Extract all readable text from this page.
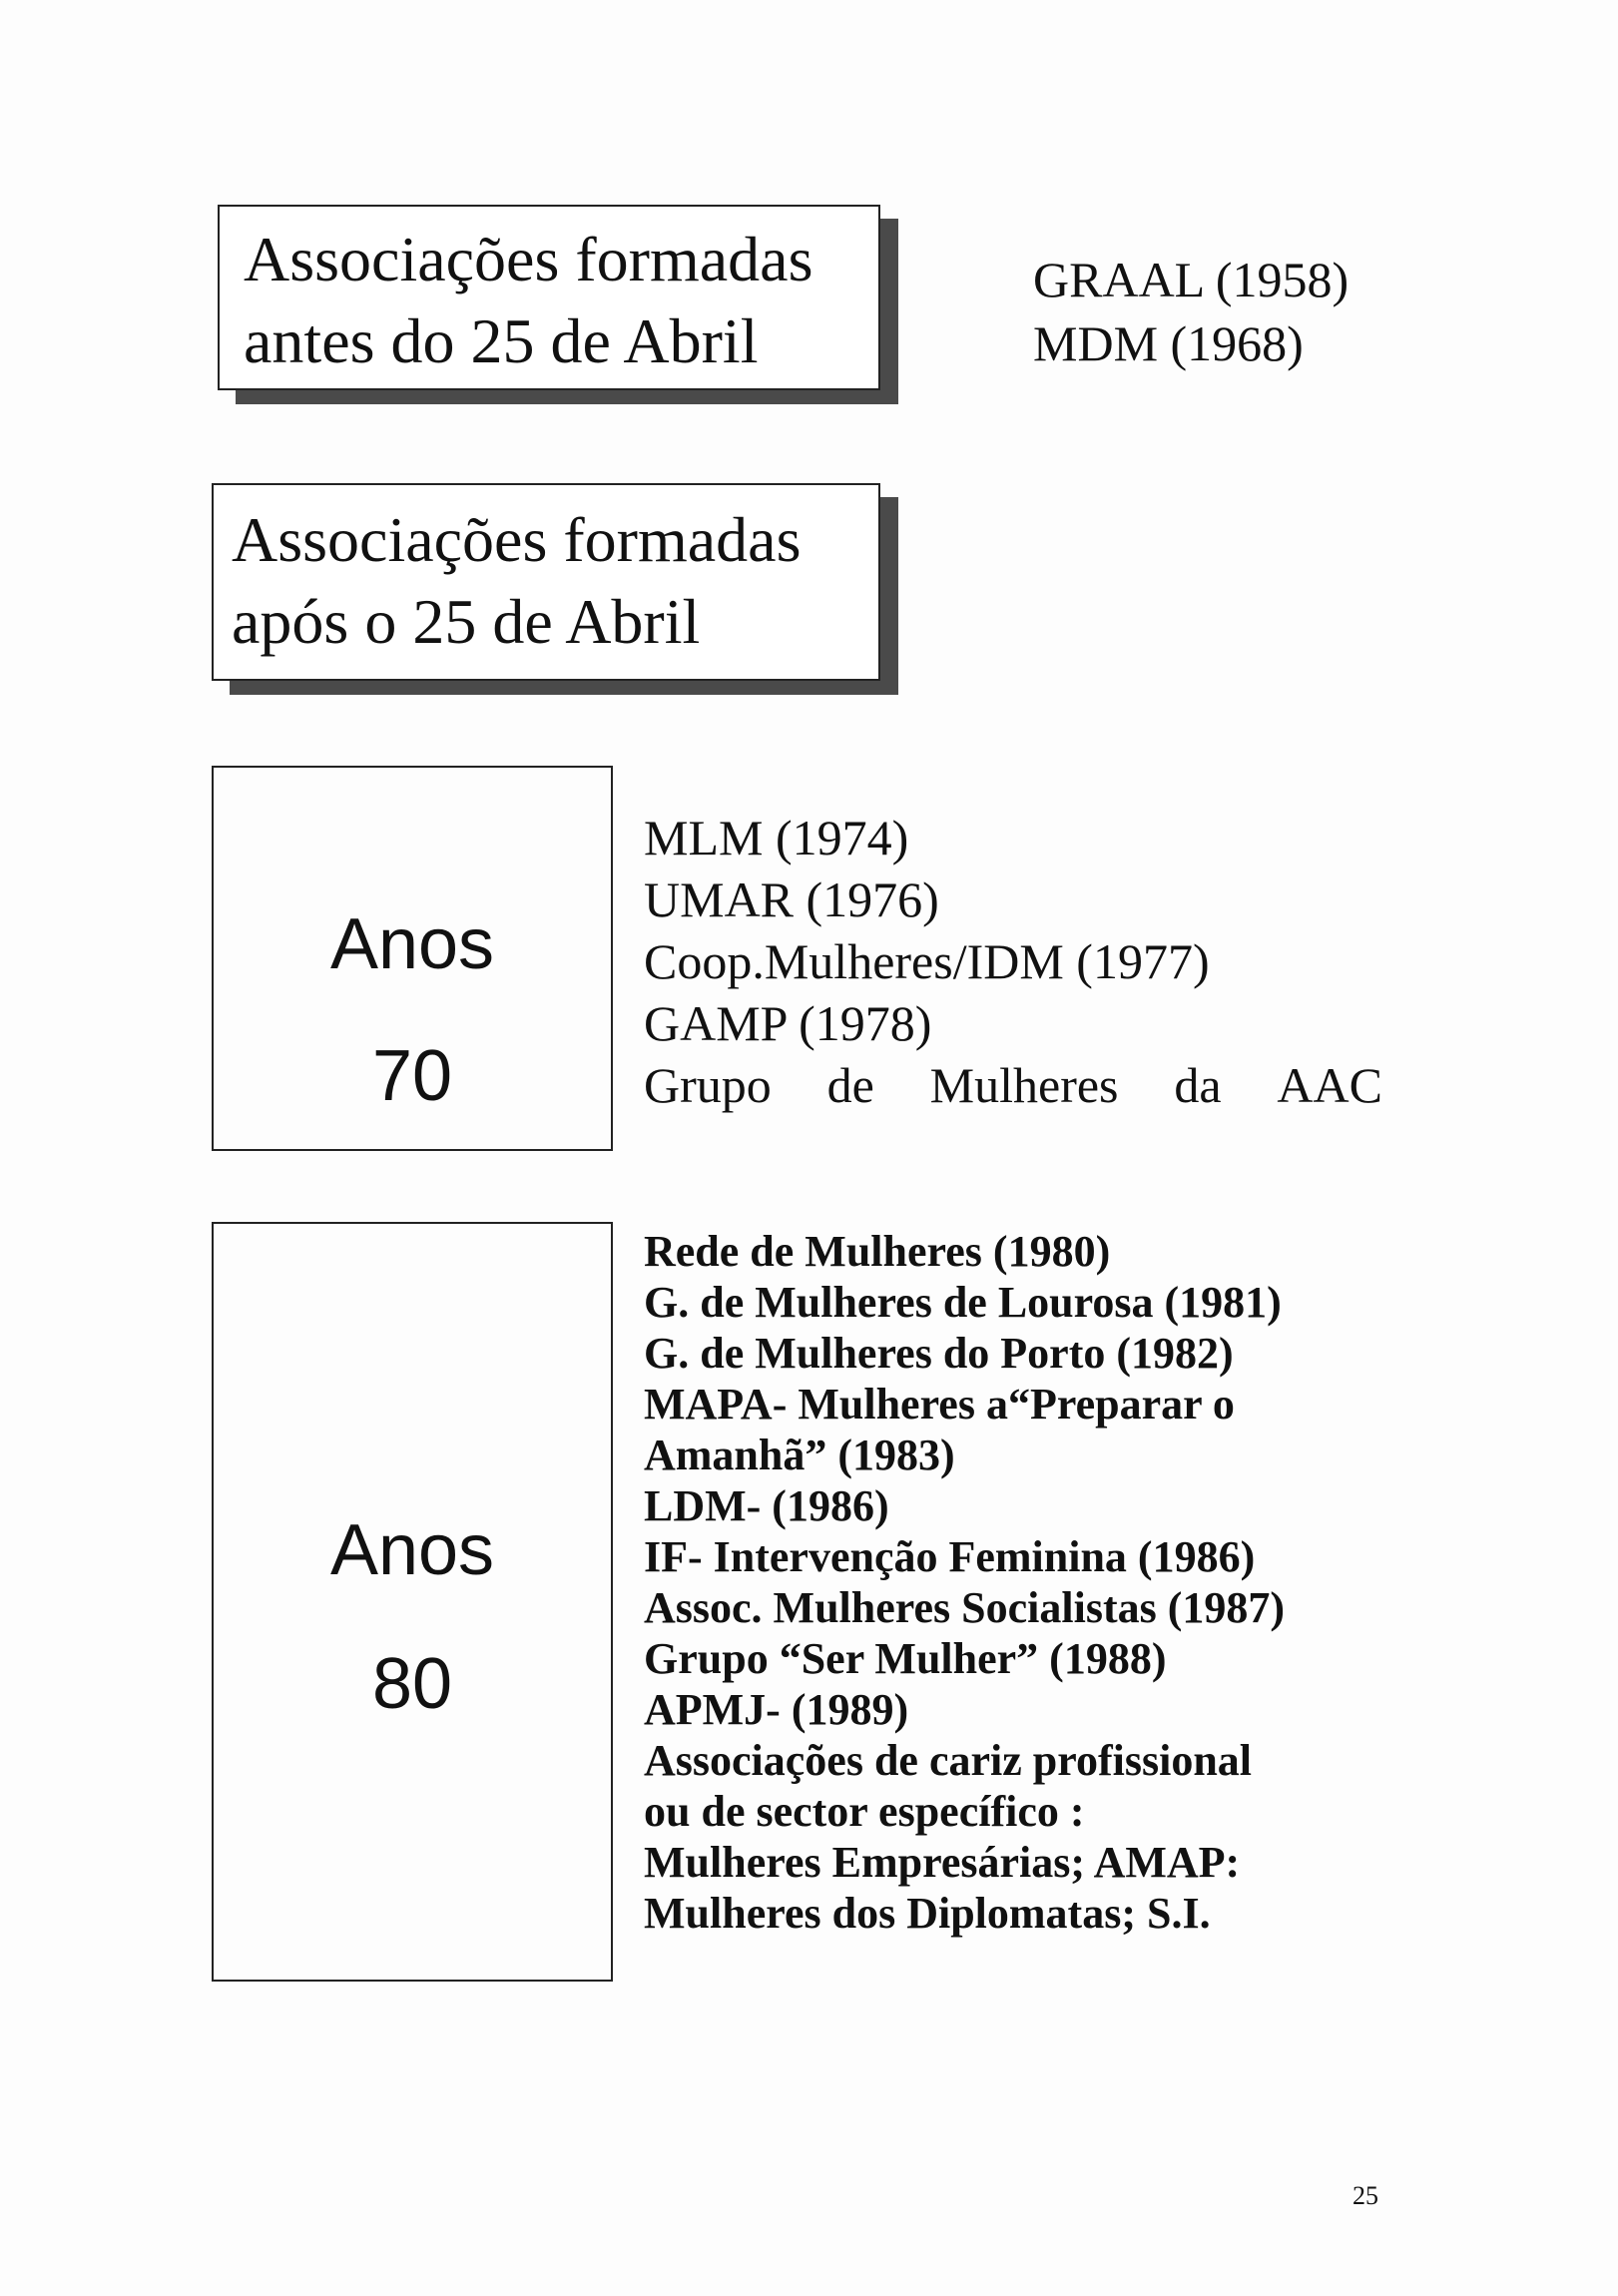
Associações formadas
antes do 25 de Abril
GRAAL (1958)
MDM (1968)
Associações formadas
após o 25 de Abril
Anos
70
MLM (1974)
UMAR (1976)
Coop.Mulheres/IDM (1977)
GAMP (1978)
Grupo de Mulheres da AAC
Anos
80
Rede de Mulheres (1980)
G. de Mulheres de Lourosa (1981)
G. de Mulheres do Porto (1982)
MAPA- Mulheres a“Preparar o
Amanhã” (1983)
LDM- (1986)
IF- Intervenção Feminina (1986)
Assoc. Mulheres Socialistas (1987)
Grupo “Ser Mulher” (1988)
APMJ- (1989)
Associações de cariz profissional
ou de sector específico :
Mulheres Empresárias; AMAP:
Mulheres dos Diplomatas; S.I.
25
